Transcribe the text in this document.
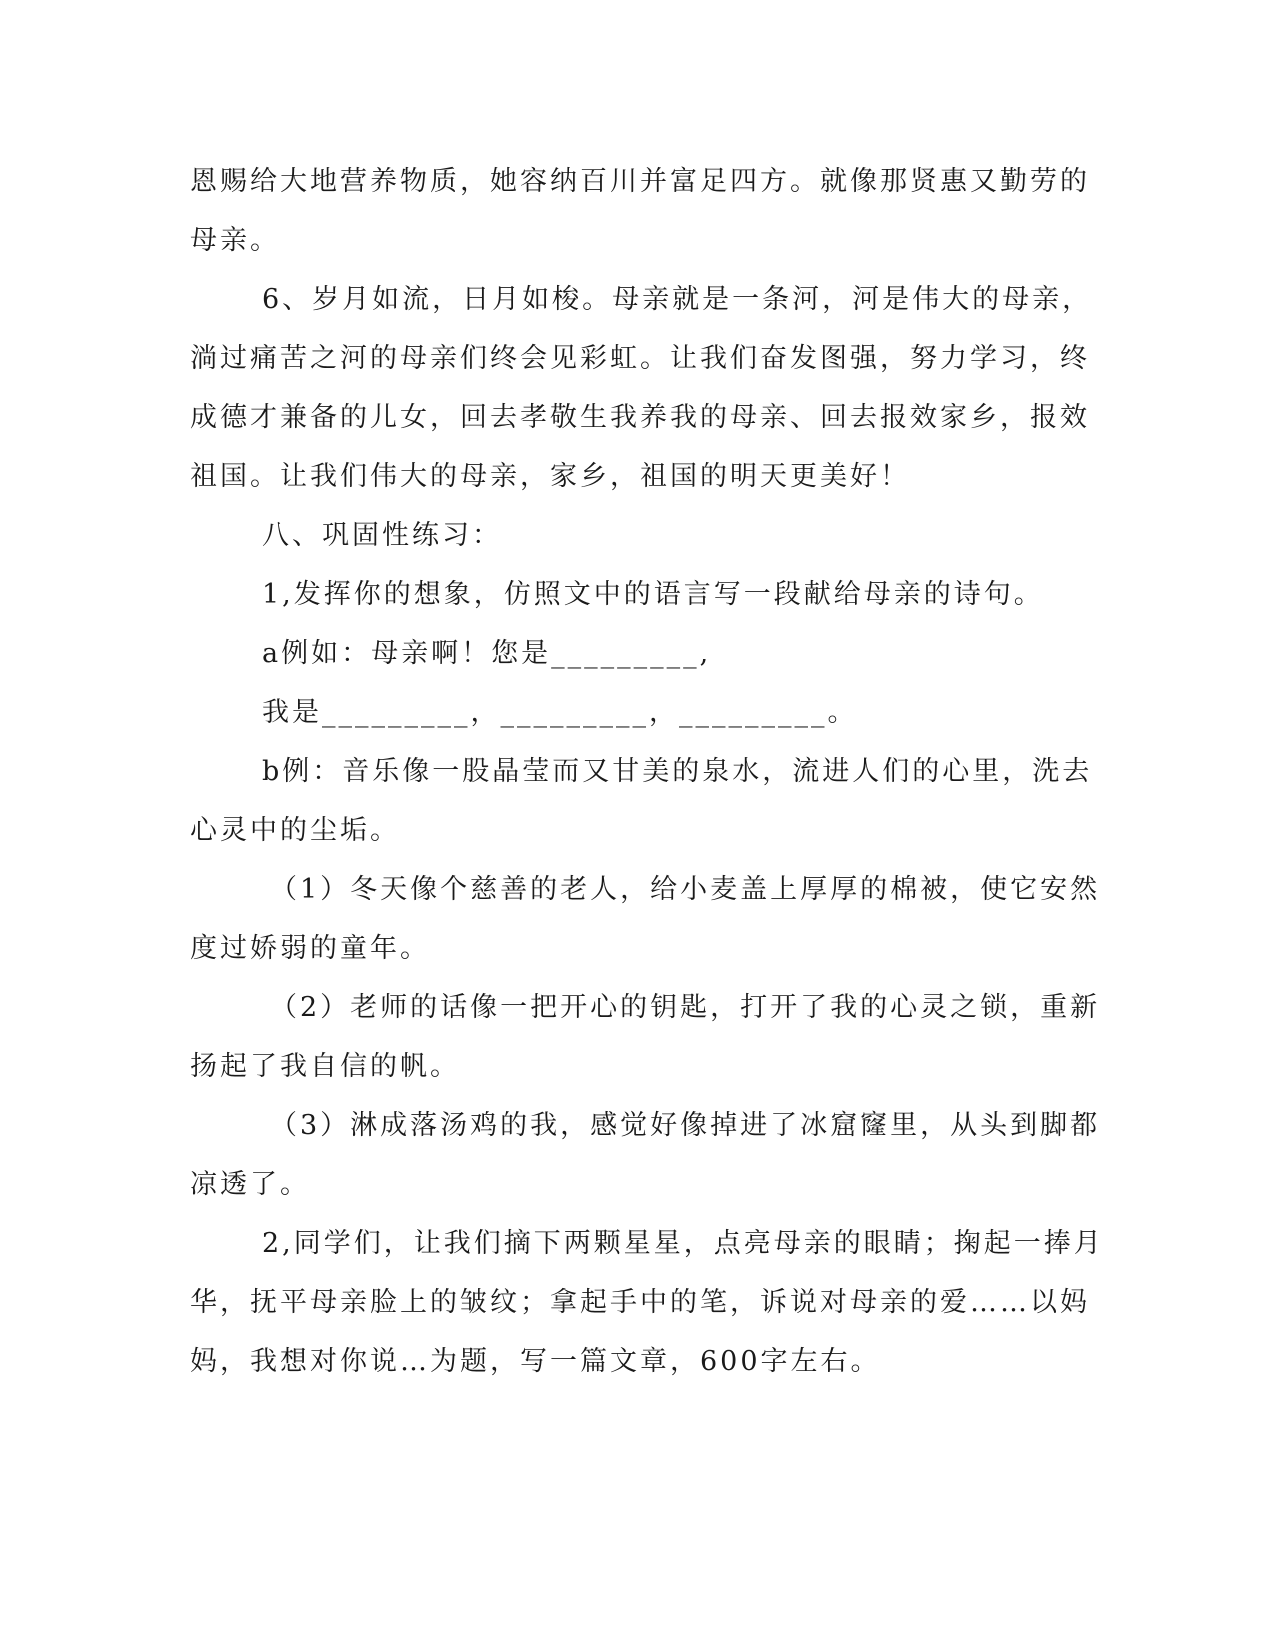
恩赐给大地营养物质，她容纳百川并富足四方。就像那贤惠又勤劳的
母亲。
6、岁月如流，日月如梭。母亲就是一条河，河是伟大的母亲，
淌过痛苦之河的母亲们终会见彩虹。让我们奋发图强，努力学习，终
成德才兼备的儿女，回去孝敬生我养我的母亲、回去报效家乡，报效
祖国。让我们伟大的母亲，家乡，祖国的明天更美好！
八、巩固性练习：
1,发挥你的想象，仿照文中的语言写一段献给母亲的诗句。
a例如：母亲啊！您是_________,
我是_________，_________，_________。
b例：音乐像一股晶莹而又甘美的泉水，流进人们的心里，洗去
心灵中的尘垢。
（1）冬天像个慈善的老人，给小麦盖上厚厚的棉被，使它安然
度过娇弱的童年。
（2）老师的话像一把开心的钥匙，打开了我的心灵之锁，重新
扬起了我自信的帆。
（3）淋成落汤鸡的我，感觉好像掉进了冰窟窿里，从头到脚都
凉透了。
2,同学们，让我们摘下两颗星星，点亮母亲的眼睛；掬起一捧月
华，抚平母亲脸上的皱纹；拿起手中的笔，诉说对母亲的爱……以妈
妈，我想对你说…为题，写一篇文章，600字左右。
